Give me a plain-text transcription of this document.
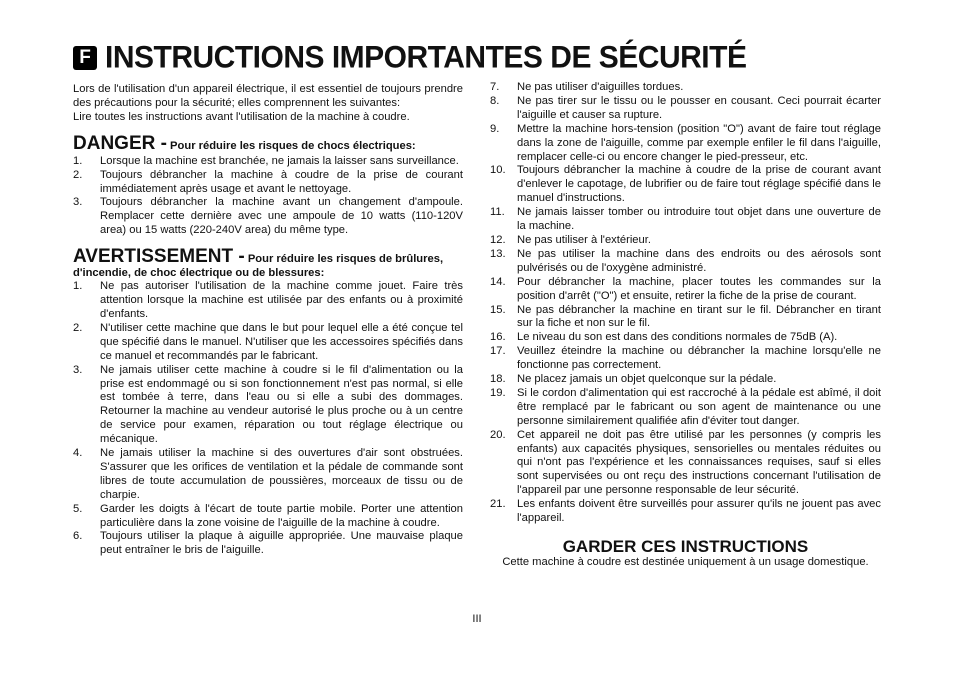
F INSTRUCTIONS IMPORTANTES DE SÉCURITÉ

Lors de l'utilisation d'un appareil électrique, il est essentiel de toujours prendre des précautions pour la sécurité; elles comprennent les suivantes:

Lire toutes les instructions avant l'utilisation de la machine à coudre.

DANGER - Pour réduire les risques de chocs électriques:
1. Lorsque la machine est branchée, ne jamais la laisser sans surveillance.
2. Toujours débrancher la machine à coudre de la prise de courant immédiatement après usage et avant le nettoyage.
3. Toujours débrancher la machine avant un changement d'ampoule. Remplacer cette dernière avec une ampoule de 10 watts (110-120V area) ou 15 watts (220-240V area) du même type.
AVERTISSEMENT - Pour réduire les risques de brûlures, d'incendie, de choc électrique ou de blessures:
1. Ne pas autoriser l'utilisation de la machine comme jouet. Faire très attention lorsque la machine est utilisée par des enfants ou à proximité d'enfants.
2. N'utiliser cette machine que dans le but pour lequel elle a été conçue tel que spécifié dans le manuel. N'utiliser que les accessoires spécifiés dans ce manuel et recommandés par le fabricant.
3. Ne jamais utiliser cette machine à coudre si le fil d'alimentation ou la prise est endommagé ou si son fonctionnement n'est pas normal, si elle est tombée à terre, dans l'eau ou si elle a subi des dommages. Retourner la machine au vendeur autorisé le plus proche ou à un centre de service pour examen, réparation ou tout réglage électrique ou mécanique.
4. Ne jamais utiliser la machine si des ouvertures d'air sont obstruées. S'assurer que les orifices de ventilation et la pédale de commande sont libres de toute accumulation de poussières, morceaux de tissu ou de charpie.
5. Garder les doigts à l'écart de toute partie mobile. Porter une attention particulière dans la zone voisine de l'aiguille de la machine à coudre.
6. Toujours utiliser la plaque à aiguille appropriée. Une mauvaise plaque peut entraîner le bris de l'aiguille.
7. Ne pas utiliser d'aiguilles tordues.
8. Ne pas tirer sur le tissu ou le pousser en cousant. Ceci pourrait écarter l'aiguille et causer sa rupture.
9. Mettre la machine hors-tension (position "O") avant de faire tout réglage dans la zone de l'aiguille, comme par exemple enfiler le fil dans l'aiguille, remplacer celle-ci ou encore changer le pied-presseur, etc.
10. Toujours débrancher la machine à coudre de la prise de courant avant d'enlever le capotage, de lubrifier ou de faire tout réglage spécifié dans le manuel d'instructions.
11. Ne jamais laisser tomber ou introduire tout objet dans une ouverture de la machine.
12. Ne pas utiliser à l'extérieur.
13. Ne pas utiliser la machine dans des endroits ou des aérosols sont pulvérisés ou de l'oxygène administré.
14. Pour débrancher la machine, placer toutes les commandes sur la position d'arrêt ("O") et ensuite, retirer la fiche de la prise de courant.
15. Ne pas débrancher la machine en tirant sur le fil. Débrancher en tirant sur la fiche et non sur le fil.
16. Le niveau du son est dans des conditions normales de 75dB (A).
17. Veuillez éteindre la machine ou débrancher la machine lorsqu'elle ne fonctionne pas correctement.
18. Ne placez jamais un objet quelconque sur la pédale.
19. Si le cordon d'alimentation qui est raccroché à la pédale est abîmé, il doit être remplacé par le fabricant ou son agent de maintenance ou une personne similairement qualifiée afin d'éviter tout danger.
20. Cet appareil ne doit pas être utilisé par les personnes (y compris les enfants) aux capacités physiques, sensorielles ou mentales réduites ou qui n'ont pas l'expérience et les connaissances requises, sauf si elles sont supervisées ou ont reçu des instructions concernant l'utilisation de l'appareil par une personne responsable de leur sécurité.
21. Les enfants doivent être surveillés pour assurer qu'ils ne jouent pas avec l'appareil.
GARDER CES INSTRUCTIONS
Cette machine à coudre est destinée uniquement à un usage domestique.
III
